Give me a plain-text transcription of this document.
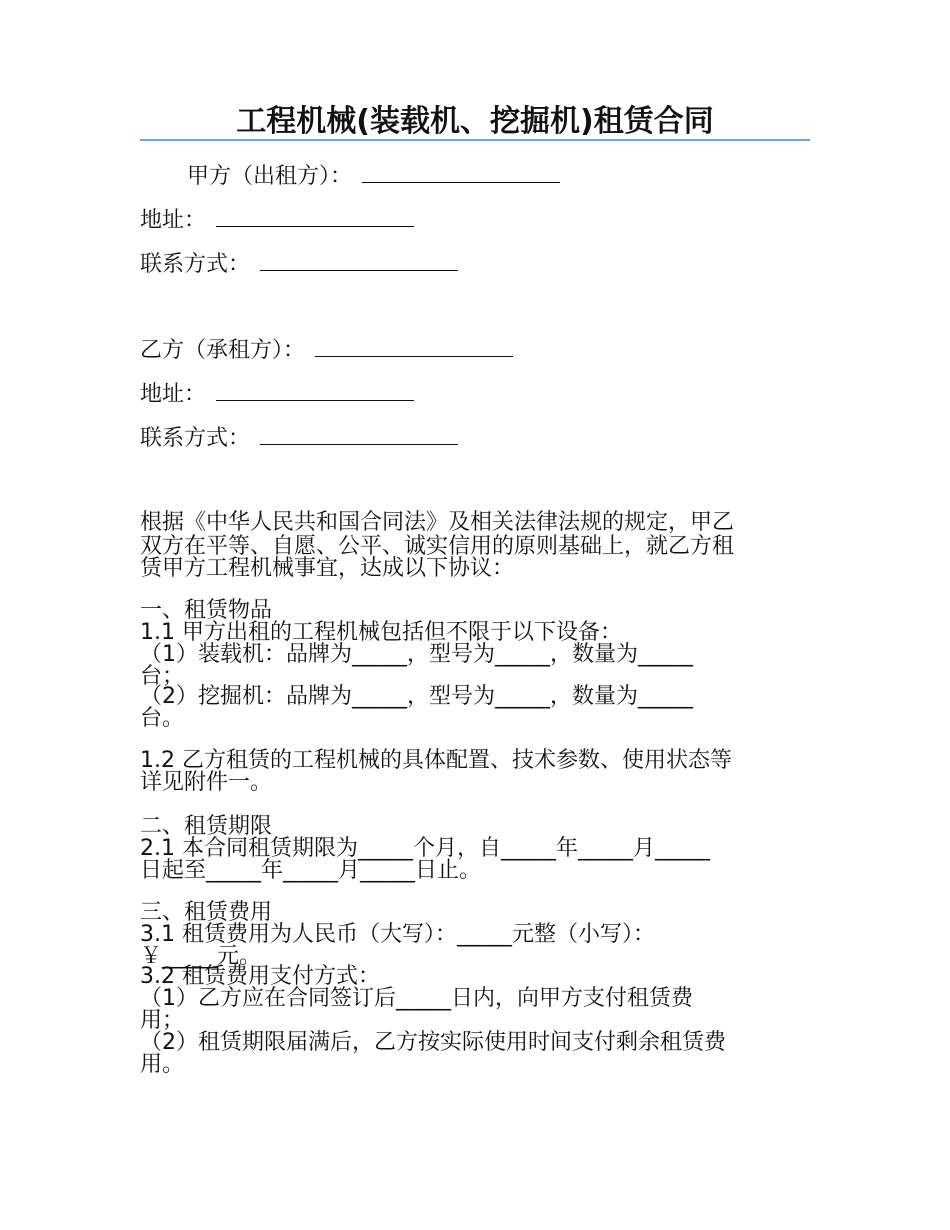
工程机械(装载机、挖掘机)租赁合同
甲方（出租方）：
地址：
联系方式：
乙方（承租方）：
地址：
联系方式：
根据《中华人民共和国合同法》及相关法律法规的规定，甲乙
双方在平等、自愿、公平、诚实信用的原则基础上，就乙方租
赁甲方工程机械事宜，达成以下协议：
一、租赁物品
1.1 甲方出租的工程机械包括但不限于以下设备：
（1）装载机：品牌为_____，型号为_____，数量为_____
台；
（2）挖掘机：品牌为_____，型号为_____，数量为_____
台。
1.2 乙方租赁的工程机械的具体配置、技术参数、使用状态等
详见附件一。
二、租赁期限
2.1 本合同租赁期限为_____个月，自_____年_____月_____
日起至_____年_____月_____日止。
三、租赁费用
3.1 租赁费用为人民币（大写）：_____元整（小写）：
￥_____元。
3.2 租赁费用支付方式：
（1）乙方应在合同签订后_____日内，向甲方支付租赁费
用；
（2）租赁期限届满后，乙方按实际使用时间支付剩余租赁费
用。
